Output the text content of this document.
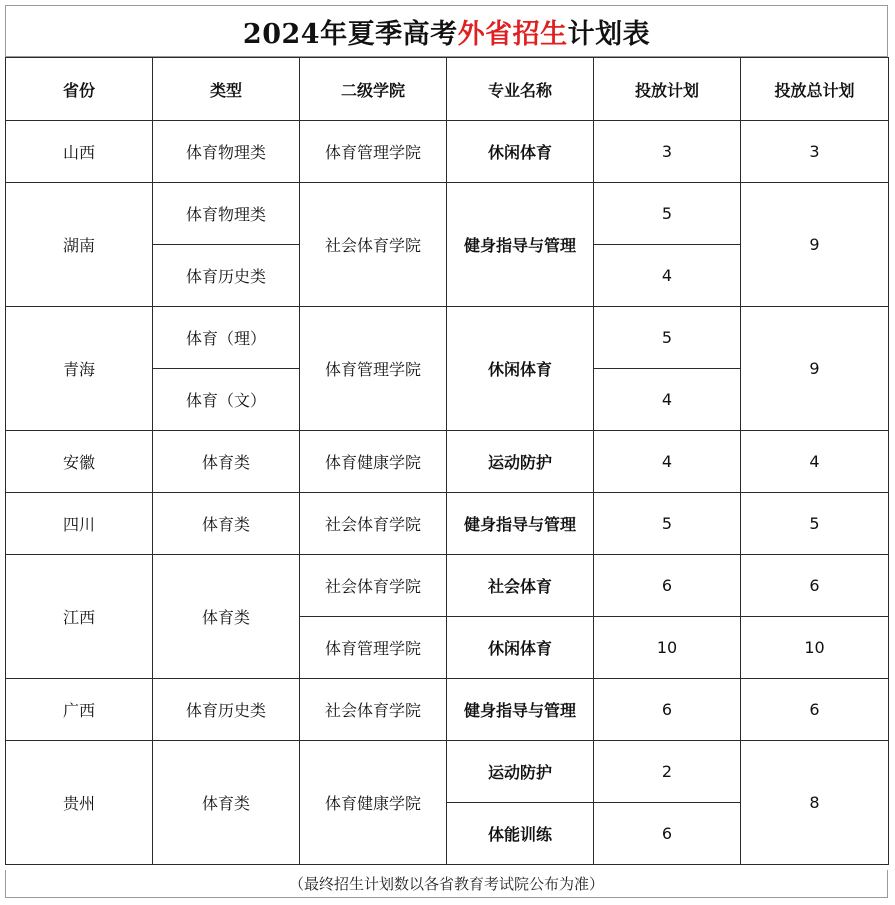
2024年夏季高考 外省招生 计划表
省份	类型	二级学院	专业名称	投放计划	投放总计划
山西	体育物理类	体育管理学院	休闲体育	3	3
湖南	体育物理类	社会体育学院	健身指导与管理	5	9
	体育历史类			4	
青海	体育（理）	体育管理学院	休闲体育	5	9
	体育（文）			4	
安徽	体育类	体育健康学院	运动防护	4	4
四川	体育类	社会体育学院	健身指导与管理	5	5
江西	体育类	社会体育学院	社会体育	6	6
		体育管理学院	休闲体育	10	10
广西	体育历史类	社会体育学院	健身指导与管理	6	6
贵州	体育类	体育健康学院	运动防护	2	8
			体能训练	6	
（最终招生计划数以各省教育考试院公布为准）
